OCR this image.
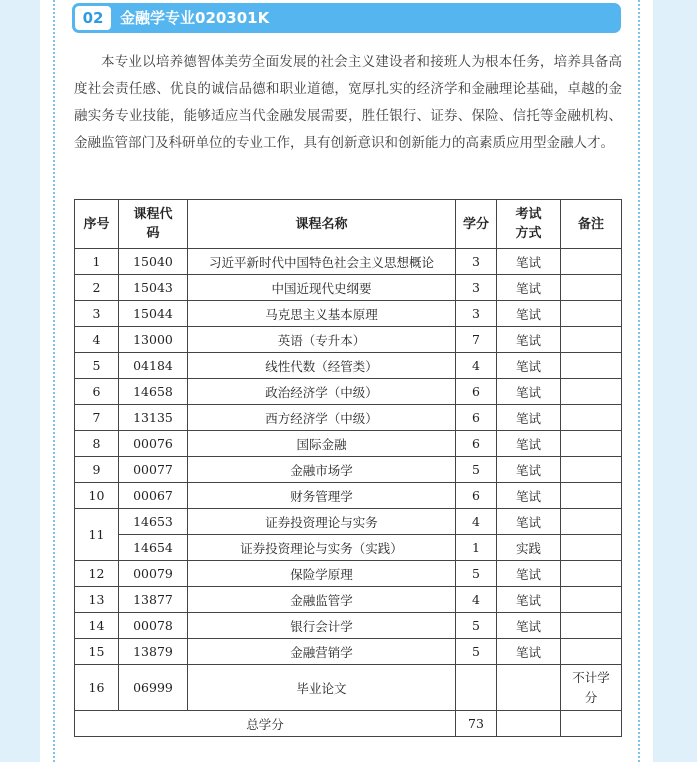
02	金融学专业020301K

本专业以培养德智体美劳全面发展的社会主义建设者和接班人为根本任务，培养具备高度社会责任感、优良的诚信品德和职业道德，宽厚扎实的经济学和金融理论基础，卓越的金融实务专业技能，能够适应当代金融发展需要，胜任银行、证券、保险、信托等金融机构、金融监管部门及科研单位的专业工作，具有创新意识和创新能力的高素质应用型金融人才。

序号	课程代码	课程名称	学分	考试方式	备注
1	15040	习近平新时代中国特色社会主义思想概论	3	笔试	
2	15043	中国近现代史纲要	3	笔试	
3	15044	马克思主义基本原理	3	笔试	
4	13000	英语（专升本）	7	笔试	
5	04184	线性代数（经管类）	4	笔试	
6	14658	政治经济学（中级）	6	笔试	
7	13135	西方经济学（中级）	6	笔试	
8	00076	国际金融	6	笔试	
9	00077	金融市场学	5	笔试	
10	00067	财务管理学	6	笔试	
11	14653	证券投资理论与实务	4	笔试	
	14654	证券投资理论与实务（实践）	1	实践	
12	00079	保险学原理	5	笔试	
13	13877	金融监管学	4	笔试	
14	00078	银行会计学	5	笔试	
15	13879	金融营销学	5	笔试	
16	06999	毕业论文			不计学分
总学分			73		
